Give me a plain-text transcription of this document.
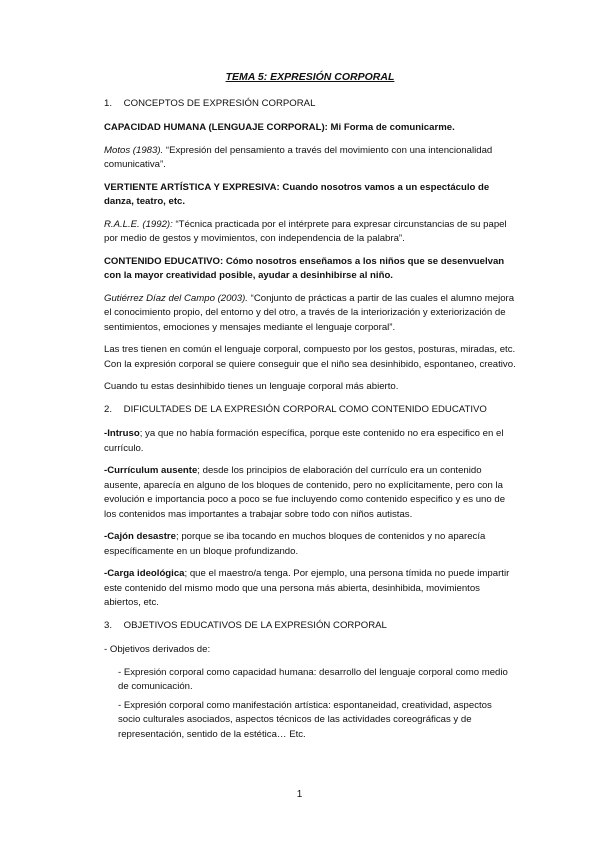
TEMA 5: EXPRESIÓN CORPORAL
1. CONCEPTOS DE EXPRESIÓN CORPORAL

CAPACIDAD HUMANA (LENGUAJE CORPORAL): Mi Forma de comunicarme.

Motos (1983). “Expresión del pensamiento a través del movimiento con una intencionalidad comunicativa”.

VERTIENTE ARTÍSTICA Y EXPRESIVA: Cuando nosotros vamos a un espectáculo de danza, teatro, etc.

R.A.L.E. (1992): “Técnica practicada por el intérprete para expresar circunstancias de su papel por medio de gestos y movimientos, con independencia de la palabra”.

CONTENIDO EDUCATIVO: Cómo nosotros enseñamos a los niños que se desenvuelvan con la mayor creatividad posible, ayudar a desinhibirse al niño.

Gutiérrez Díaz del Campo (2003). “Conjunto de prácticas a partir de las cuales el alumno mejora el conocimiento propio, del entorno y del otro, a través de la interiorización y exteriorización de sentimientos, emociones y mensajes mediante el lenguaje corporal”.

Las tres tienen en común el lenguaje corporal, compuesto por los gestos, posturas, miradas, etc. Con la expresión corporal se quiere conseguir que el niño sea desinhibido, espontaneo, creativo.

Cuando tu estas desinhibido tienes un lenguaje corporal más abierto.

2. DIFICULTADES DE LA EXPRESIÓN CORPORAL COMO CONTENIDO EDUCATIVO

-Intruso; ya que no había formación específica, porque este contenido no era especifico en el currículo.

-Currículum ausente; desde los principios de elaboración del currículo era un contenido ausente, aparecía en alguno de los bloques de contenido, pero no explícitamente, pero con la evolución e importancia poco a poco se fue incluyendo como contenido especifico y es uno de los contenidos mas importantes a trabajar sobre todo con niños autistas.

-Cajón desastre; porque se iba tocando en muchos bloques de contenidos y no aparecía específicamente en un bloque profundizando.

-Carga ideológica; que el maestro/a tenga. Por ejemplo, una persona tímida no puede impartir este contenido del mismo modo que una persona más abierta, desinhibida, movimientos abiertos, etc.

3. OBJETIVOS EDUCATIVOS DE LA EXPRESIÓN CORPORAL

- Objetivos derivados de:

- Expresión corporal como capacidad humana: desarrollo del lenguaje corporal como medio de comunicación.

- Expresión corporal como manifestación artística: espontaneidad, creatividad, aspectos socio culturales asociados, aspectos técnicos de las actividades coreográficas y de representación, sentido de la estética… Etc.

1
